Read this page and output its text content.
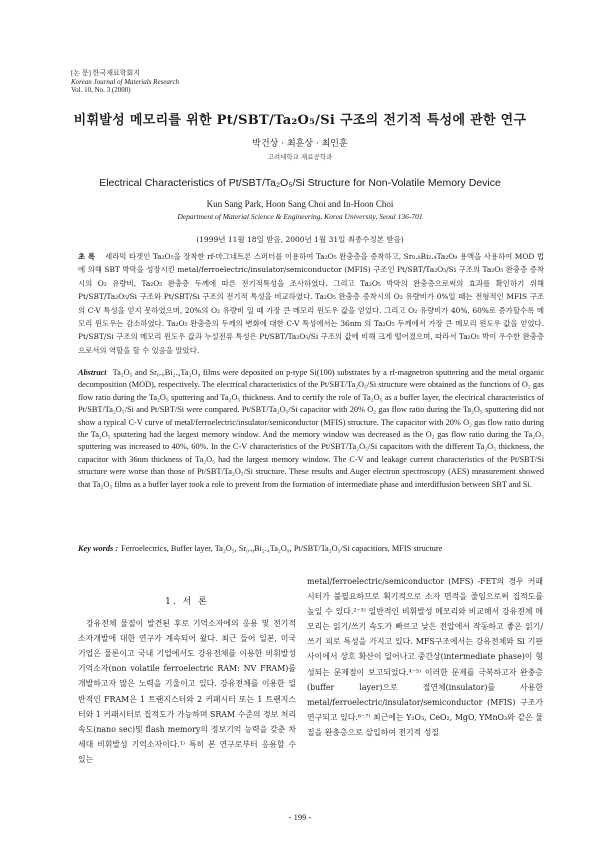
[논 문] 한국재료학회지
Korean Journal of Materials Research
Vol. 10, No. 3 (2000)
비휘발성 메모리를 위한 Pt/SBT/Ta₂O₅/Si 구조의 전기적 특성에 관한 연구
박건상 · 최훈상 · 최인훈
고려대학교 재료공학과
Electrical Characteristics of Pt/SBT/Ta₂O₅/Si Structure for Non-Volatile Memory Device
Kun Sang Park, Hoon Sang Choi and In-Hoon Choi
Department of Material Science & Engineering, Korea University, Seoul 136-701
(1999년 11월 18일 받음, 2000년 1월 31일 최종수정본 받음)
초 록 세라믹 타겟인 Ta₂O₅을 장착한 rf-마그네트론 스퍼터를 이용하여 Ta₂O₅ 완충층을 증착하고, Sr₀.₈Bi₂.₄Ta₂O₉ 용액을 사용하여 MOD 법에 의해 SBT 박막을 성장시킨 metal/ferroelectric/insulator/semiconductor (MFIS) 구조인 Pt/SBT/Ta₂O₅/Si 구조의 Ta₂O₅ 완충층 증착시의 O₂ 유량비, Ta₂O₅ 완충층 두께에 따른 전기적특성을 조사하였다. 그리고 Ta₂O₅ 박막의 완충층으로써의 효과를 확인하기 위해 Pt/SBT/Ta₂O₅/Si 구조와 Pt/SBT/Si 구조의 전기적 특성을 비교하였다. Ta₂O₅ 완충층 증착시의 O₂ 유량비가 0%일 때는 전형적인 MFIS 구조의 C-V 특성을 얻지 못하였으며, 20%의 O₂ 유량비 일 때 가장 큰 메모리 윈도우 값을 얻었다. 그리고 O₂ 유량비가 40%, 60%로 증가할수록 메모리 윈도우는 감소하였다. Ta₂O₅ 완충층의 두께의 변화에 대한 C-V 특성에서는 36nm 의 Ta₂O₅ 두께에서 가장 큰 메모리 윈도우 값을 얻었다. Pt/SBT/Si 구조의 메모리 윈도우 값과 누설전류 특성은 Pt/SBT/Ta₂O₅/Si 구조의 값에 비해 크게 떨어졌으며, 따라서 Ta₂O₅ 박이 우수한 완충층으로서의 역할을 할 수 있음을 알았다.
Abstract Ta₂O₅ and Sr₀.₈Bi₂.₄Ta₂O₉ films were deposited on p-type Si(100) substrates by a rf-magnetron sputtering and the metal organic decomposition (MOD), respectively. The electrical characteristics of the Pt/SBT/Ta₂O₅/Si structure were obtained as the functions of O₂ gas flow ratio during the Ta₂O₅ sputtering and Ta₂O₅ thickness. And to certify the role of Ta₂O₅ as a buffer layer, the electrical characteristics of Pt/SBT/Ta₂O₅/Si and Pt/SBT/Si were compared. Pt/SBT/Ta₂O₅/Si capacitor with 20% O₂ gas flow ratio during the Ta₂O₅ sputtering did not show a typical C-V curve of metal/ferroelectric/insulator/semiconductor (MFIS) structure. The capacitor with 20% O₂ gas flow ratio during the Ta₂O₅ sputtering had the largest memory window. And the memory window was decreased as the O₂ gas flow ratio during the Ta₂O₅ sputtering was increased to 40%, 60%. In the C-V characteristics of the Pt/SBT/Ta₂O₅/Si capacitors with the different Ta₂O₅ thickness, the capacitor with 36nm thickness of Ta₂O₅ had the largest memory window. The C-V and leakage current characteristics of the Pt/SBT/Si structure were worse than those of Pt/SBT/Ta₂O₅/Si structure. These results and Auger electron spectroscopy (AES) measurement showed that Ta₂O₅ films as a buffer layer took a role to prevent from the formation of intermediate phase and interdiffusion between SBT and Si.
Key words : Ferroelectrics, Buffer layer, Ta₂O₅, Sr₀.₈Bi₂.₄Ta₂O₉, Pt/SBT/Ta₂O₅/Si capacitiors, MFIS structure
1. 서 론

강유전체 물질이 발견된 후로 기억소자에의 응용 및 전기적 소자개발에 대한 연구가 계속되어 왔다. 최근 들어 일본, 미국 기업은 물론이고 국내 기업에서도 강유전체를 이용한 비휘발성 기억소자(non volatile ferroelectric RAM: NV FRAM)를 개발하고자 많은 노력을 기울이고 있다. 강유전체를 이용한 일반적인 FRAM은 1 트랜지스터와 2 커패시터 또는 1 트랜지스터와 1 커패시터로 집적도가 가능하며 SRAM 수준의 정보 처리 속도(nano sec)및 flash memory의 정보기억 능력을 갖춘 차세대 비휘발성 기억소자이다.¹⁾ 특히 본 연구로부터 응용할 수 있는

metal/ferroelectric/semiconductor (MFS) -FET의 경우 커패시터가 불필요하므로 획기적으로 소자 면적을 줄임으로써 집적도를 높일 수 있다.²⁻³⁾ 일반적인 비휘발성 메모리와 비교해서 강유전체 메모리는 읽기/쓰기 속도가 빠르고 낮은 전압에서 작동하고 좋은 읽기/쓰기 피로 특성을 가지고 있다. MFS구조에서는 강유전체와 Si 기판사이에서 상호 확산이 일어나고 중간상(intermediate phase)이 형성되는 문제점이 보고되었다.⁴⁻⁵⁾ 이러한 문제를 극복하고자 완충층(buffer layer)으로 절연체(insulator)를 사용한 metal/ferroelectric/insulator/semiconductor (MFIS) 구조가 연구되고 있다.⁶⁻⁷⁾ 최근에는 Y₂O₃, CeO₂, MgO, YMnO₃와 같은 물질을 완충층으로 삽입하여 전기적 성질

- 199 -
